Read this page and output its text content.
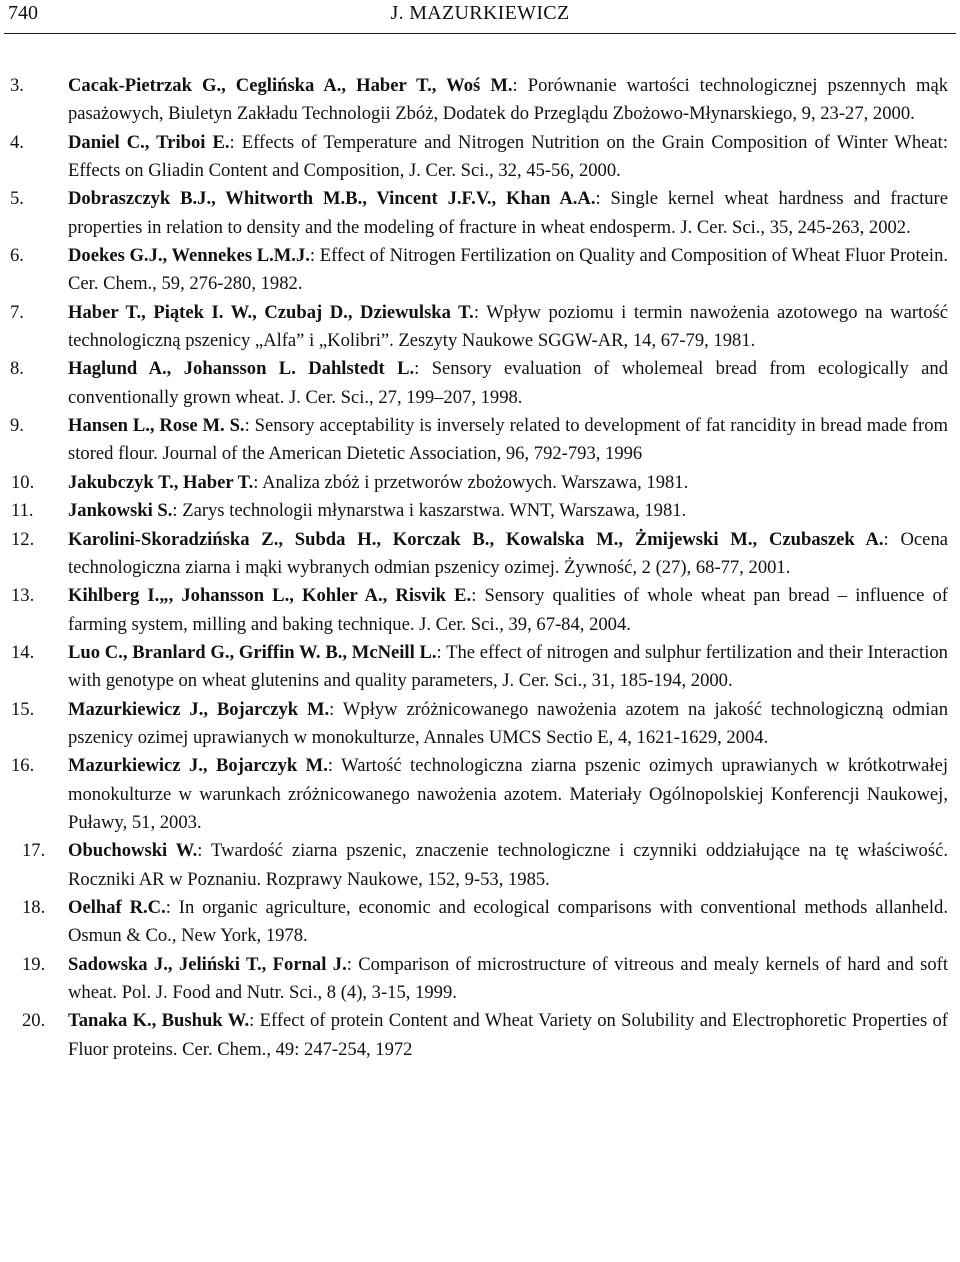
740	J. MAZURKIEWICZ
3.	Cacak-Pietrzak G., Ceglińska A., Haber T., Woś M.: Porównanie wartości technologicznej pszennych mąk pasażowych, Biuletyn Zakładu Technologii Zbóż, Dodatek do Przeglądu Zbożowo-Młynarskiego, 9, 23-27, 2000.
4.	Daniel C., Triboi E.: Effects of Temperature and Nitrogen Nutrition on the Grain Composition of Winter Wheat: Effects on Gliadin Content and Composition, J. Cer. Sci., 32, 45-56, 2000.
5.	Dobraszczyk B.J., Whitworth M.B., Vincent J.F.V., Khan A.A.: Single kernel wheat hardness and fracture properties in relation to density and the modeling of fracture in wheat endosperm. J. Cer. Sci., 35, 245-263, 2002.
6.	Doekes G.J., Wennekes L.M.J.: Effect of Nitrogen Fertilization on Quality and Composition of Wheat Fluor Protein. Cer. Chem., 59, 276-280, 1982.
7.	Haber T., Piątek I. W., Czubaj D., Dziewulska T.: Wpływ poziomu i termin nawożenia azotowego na wartość technologiczną pszenicy „Alfa” i „Kolibri”. Zeszyty Naukowe SGGW-AR, 14, 67-79, 1981.
8.	Haglund A., Johansson L. Dahlstedt L.: Sensory evaluation of wholemeal bread from ecologically and conventionally grown wheat. J. Cer. Sci., 27, 199–207, 1998.
9.	Hansen L., Rose M. S.: Sensory acceptability is inversely related to development of fat rancidity in bread made from stored flour. Journal of the American Dietetic Association, 96, 792-793, 1996
10.	Jakubczyk T., Haber T.: Analiza zbóż i przetworów zbożowych. Warszawa, 1981.
11.	Jankowski S.: Zarys technologii młynarstwa i kaszarstwa. WNT, Warszawa, 1981.
12.	Karolini-Skoradzińska Z., Subda H., Korczak B., Kowalska M., Żmijewski M., Czubaszek A.: Ocena technologiczna ziarna i mąki wybranych odmian pszenicy ozimej. Żywność, 2 (27), 68-77, 2001.
13.	Kihlberg I.„, Johansson L., Kohler A., Risvik E.: Sensory qualities of whole wheat pan bread – influence of farming system, milling and baking technique. J. Cer. Sci., 39, 67-84, 2004.
14.	Luo C., Branlard G., Griffin W. B., McNeill L.: The effect of nitrogen and sulphur fertilization and their Interaction with genotype on wheat glutenins and quality parameters, J. Cer. Sci., 31, 185-194, 2000.
15.	Mazurkiewicz J., Bojarczyk M.: Wpływ zróżnicowanego nawożenia azotem na jakość technologiczną odmian pszenicy ozimej uprawianych w monokulturze, Annales UMCS Sectio E, 4, 1621-1629, 2004.
16.	Mazurkiewicz J., Bojarczyk M.: Wartość technologiczna ziarna pszenic ozimych uprawianych w krótkotrwałej monokulturze w warunkach zróżnicowanego nawożenia azotem. Materiały Ogólnopolskiej Konferencji Naukowej, Puławy, 51, 2003.
17.	Obuchowski W.: Twardość ziarna pszenic, znaczenie technologiczne i czynniki oddziałujące na tę właściwość. Roczniki AR w Poznaniu. Rozprawy Naukowe, 152, 9-53, 1985.
18.	Oelhaf R.C.: In organic agriculture, economic and ecological comparisons with conventional methods allanheld. Osmun & Co., New York, 1978.
19.	Sadowska J., Jeliński T., Fornal J.: Comparison of microstructure of vitreous and mealy kernels of hard and soft wheat. Pol. J. Food and Nutr. Sci., 8 (4), 3-15, 1999.
20.	Tanaka K., Bushuk W.: Effect of protein Content and Wheat Variety on Solubility and Electrophoretic Properties of Fluor proteins. Cer. Chem., 49: 247-254, 1972
